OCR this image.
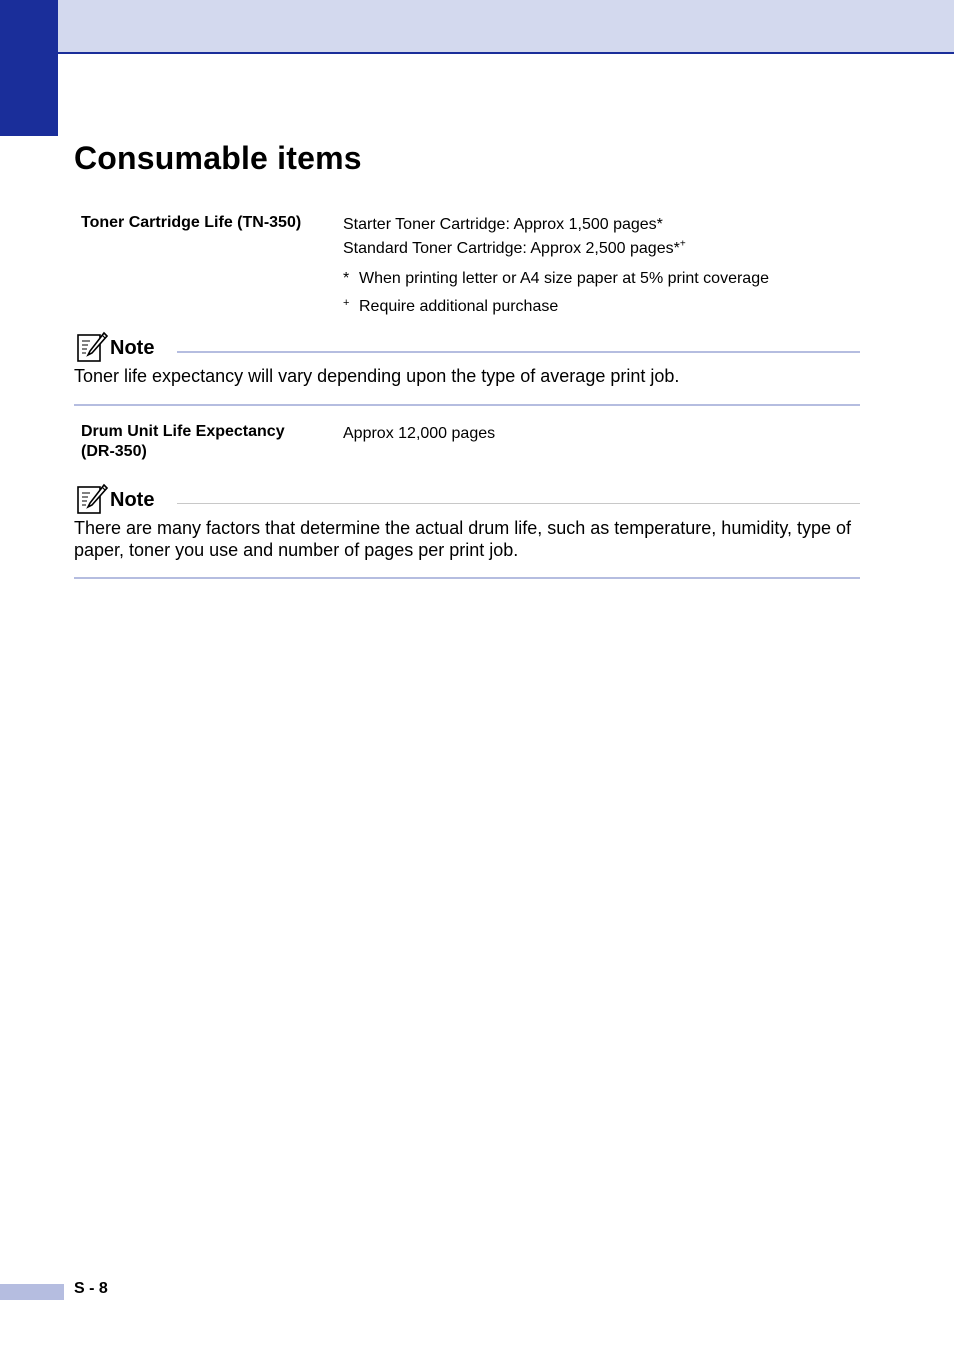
Consumable items
Toner Cartridge Life (TN-350)	Starter Toner Cartridge: Approx 1,500 pages*
Standard Toner Cartridge: Approx 2,500 pages*+
* When printing letter or A4 size paper at 5% print coverage
+ Require additional purchase
Note
Toner life expectancy will vary depending upon the type of average print job.
Drum Unit Life Expectancy
(DR-350)
Approx 12,000 pages
Note
There are many factors that determine the actual drum life, such as temperature, humidity, type of paper, toner you use and number of pages per print job.
S - 8
